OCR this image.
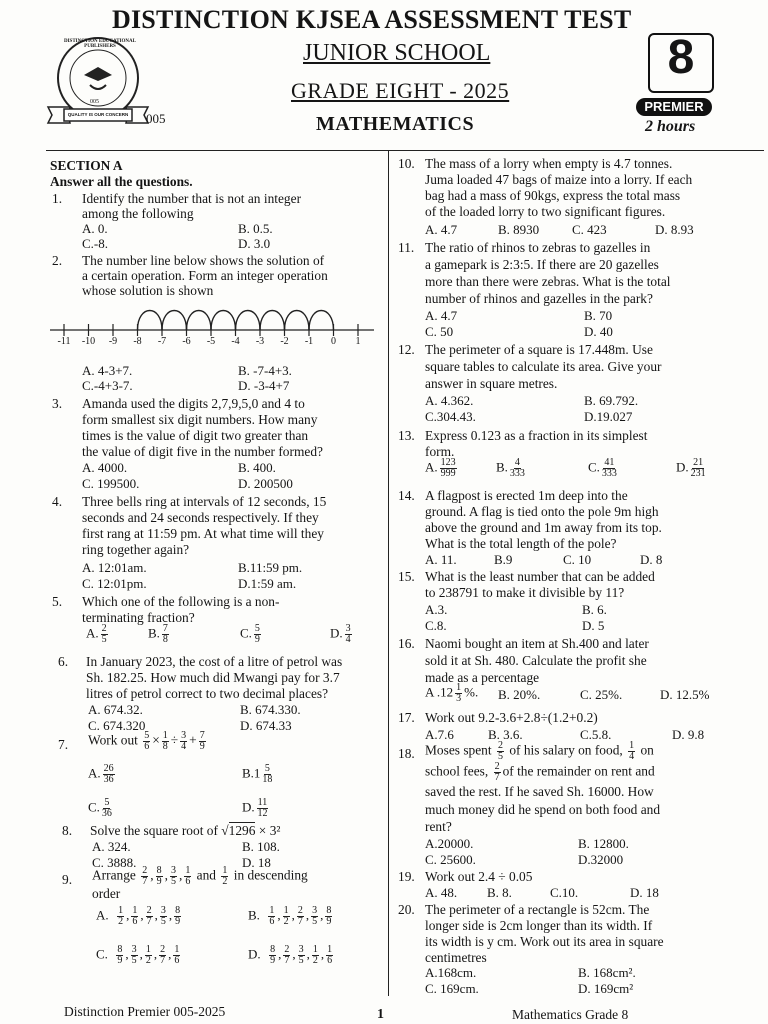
DISTINCTION KJSEA ASSESSMENT TEST
JUNIOR SCHOOL
GRADE EIGHT - 2025
MATHEMATICS
DISTINCTION EDUCATIONAL PUBLISHERS
QUALITY IS OUR CONCERN
005
005
8
PREMIER
2 hours
SECTION A
Answer all the questions.
1. Identify the number that is not an integer
among the following
A. 0.	B. 0.5.
C.-8.	D. 3.0
2. The number line below shows the solution of
a certain operation. Form an integer operation
whose solution is shown
-11 -10	-9	-8	-7	-6	-5	-4	-3	-2	-1	0	1
A. 4-3+7.	B. -7-4+3.
C.-4+3-7.	D. -3-4+7
3. Amanda used the digits 2,7,9,5,0 and 4 to
form smallest six digit numbers. How many
times is the value of digit two greater than
the value of digit five in the number formed?
A. 4000.	B. 400.
C. 199500.	D. 200500
4. Three bells ring at intervals of 12 seconds, 15
seconds and 24 seconds respectively. If they
first rang at 11:59 pm. At what time will they
ring together again?
A. 12:01am.	B.11:59 pm.
C. 12:01pm.	D.1:59 am.
5. Which one of the following is a non-
terminating fraction?
A. $\frac{2}{5}$	B. $\frac{7}{8}$	C. $\frac{5}{9}$	D. $\frac{3}{4}$
6. In January 2023, the cost of a litre of petrol was
Sh. 182.25. How much did Mwangi pay for 3.7
litres of petrol correct to two decimal places?
A. 674.32.	B. 674.330.
C. 674.320	D. 674.33
7. Work out $\frac{5}{6} \times \frac{1}{8} \div \frac{3}{4} + \frac{7}{9}$
A. $\frac{26}{36}$	$B.1 \frac{5}{18}$
C. $\frac{5}{36}$	D. $\frac{11}{12}$
8. Solve the square root of √1296 × 3²
A. 324.	B. 108.
C. 3888.	D. 18
9. Arrange $\frac{2}{7}$ , $\frac{8}{9}$ , $\frac{3}{5}$ , $\frac{1}{6}$ and $\frac{1}{2}$ in descending
order
A. $\frac{1}{2}$ , $\frac{1}{6}$ , $\frac{2}{7}$ , $\frac{3}{5}$ , $\frac{8}{9}$	B. $\frac{1}{6}$ , $\frac{1}{2}$ , $\frac{2}{7}$ , $\frac{3}{5}$ , $\frac{8}{9}$
C. $\frac{8}{9}$ , $\frac{3}{5}$ , $\frac{1}{2}$ , $\frac{2}{7}$ , $\frac{1}{6}$	D. $\frac{8}{9}$ , $\frac{2}{7}$ , $\frac{3}{5}$ , $\frac{1}{2}$ , $\frac{1}{6}$
10. The mass of a lorry when empty is 4.7 tonnes.
Juma loaded 47 bags of maize into a lorry. If each
bag had a mass of 90kgs, express the total mass
of the loaded lorry to two significant figures.
A. 4.7	B. 8930	C. 423	D. 8.93
11. The ratio of rhinos to zebras to gazelles in
a gamepark is 2:3:5. If there are 20 gazelles
more than there were zebras. What is the total
number of rhinos and gazelles in the park?
A. 4.7	B. 70
C. 50	D. 40
12. The perimeter of a square is 17.448m. Use
square tables to calculate its area. Give your
answer in square metres.
A. 4.362.	B. 69.792.
C.304.43.	D.19.027
13. Express 0.123 as a fraction in its simplest
form.
A. $\frac{123}{999}$	B. $\frac{4}{333}$	C. $\frac{41}{333}$	D. $\frac{21}{231}$
14. A flagpost is erected 1m deep into the
ground. A flag is tied onto the pole 9m high
above the ground and 1m away from its top.
What is the total length of the pole?
A. 11.	B.9	C. 10	D. 8
15. What is the least number that can be added
to 238791 to make it divisible by 11?
A.3.	B. 6.
C.8.	D. 5
16. Naomi bought an item at Sh.400 and later
sold it at Sh. 480. Calculate the profit she
made as a percentage
A $.12 \frac{1}{3}$ %. B. 20%.	C. 25%.	D. 12.5%
17. Work out 9.2-3.6+2.8÷(1.2+0.2)
A.7.6	B. 3.6.	C.5.8.	D. 9.8
18. Moses spent $\frac{2}{5}$ of his salary on food, $\frac{1}{4}$ on
school fees, $\frac{2}{7}$ of the remainder on rent and
saved the rest. If he saved Sh. 16000. How
much money did he spend on both food and
rent?
A.20000.	B. 12800.
C. 25600.	D.32000
19. Work out 2.4 ÷ 0.05
A. 48. B. 8.	C.10.	D. 18
20. The perimeter of a rectangle is 52cm. The
longer side is 2cm longer than its width. If
its width is y cm. Work out its area in square
centimetres
A.168cm.	B. 168cm².
C. 169cm.	D. 169cm²
Distinction Premier 005-2025	1	Mathematics Grade 8
